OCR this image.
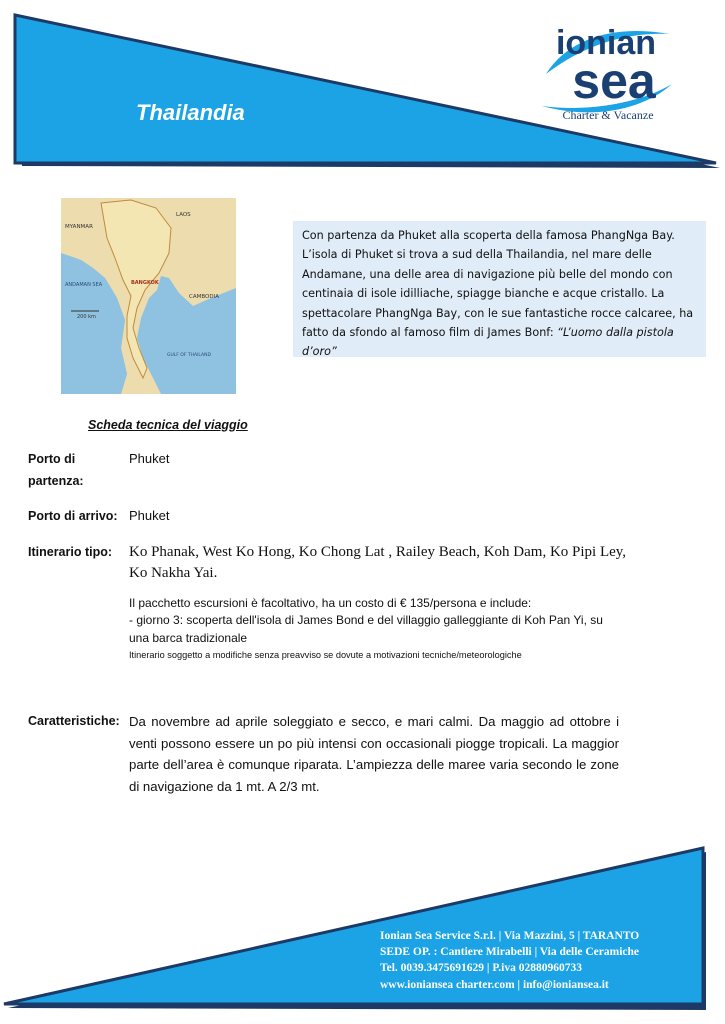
Thailandia
ionian
sea
Charter & Vacanze
MYANMAR
LAOS
CAMBODIA
ANDAMAN SEA
GULF OF THAILAND
BANGKOK
200 km
Con partenza da Phuket alla scoperta della famosa PhangNga Bay. L’isola di Phuket si trova a sud della Thailandia, nel mare delle Andamane, una delle area di navigazione più belle del mondo con centinaia di isole idilliache, spiagge bianche e acque cristallo. La spettacolare PhangNga Bay, con le sue fantastiche rocce calcaree, ha fatto da sfondo al famoso film di James Bonf: “L’uomo dalla pistola d’oro”
Scheda tecnica del viaggio
Porto di partenza:
Phuket
Porto di arrivo: Phuket
Itinerario tipo: Ko Phanak, West Ko Hong, Ko Chong Lat , Railey Beach, Koh Dam, Ko Pipi Ley, Ko Nakha Yai.
Il pacchetto escursioni è facoltativo, ha un costo di € 135/persona e include:
- giorno 3: scoperta dell'isola di James Bond e del villaggio galleggiante di Koh Pan Yi, su una barca tradizionale
Itinerario soggetto a modifiche senza preavviso se dovute a motivazioni tecniche/meteorologiche
Caratteristiche: Da novembre ad aprile soleggiato e secco, e mari calmi. Da maggio ad ottobre i venti possono essere un po più intensi con occasionali piogge tropicali. La maggior parte dell’area è comunque riparata. L’ampiezza delle maree varia secondo le zone di navigazione da 1 mt. A 2/3 mt.
Ionian Sea Service S.r.l. | Via Mazzini, 5 | TARANTO
SEDE OP. : Cantiere Mirabelli | Via delle Ceramiche
Tel. 0039.3475691629 | P.iva 02880960733
www.ioniansea charter.com | info@ioniansea.it
